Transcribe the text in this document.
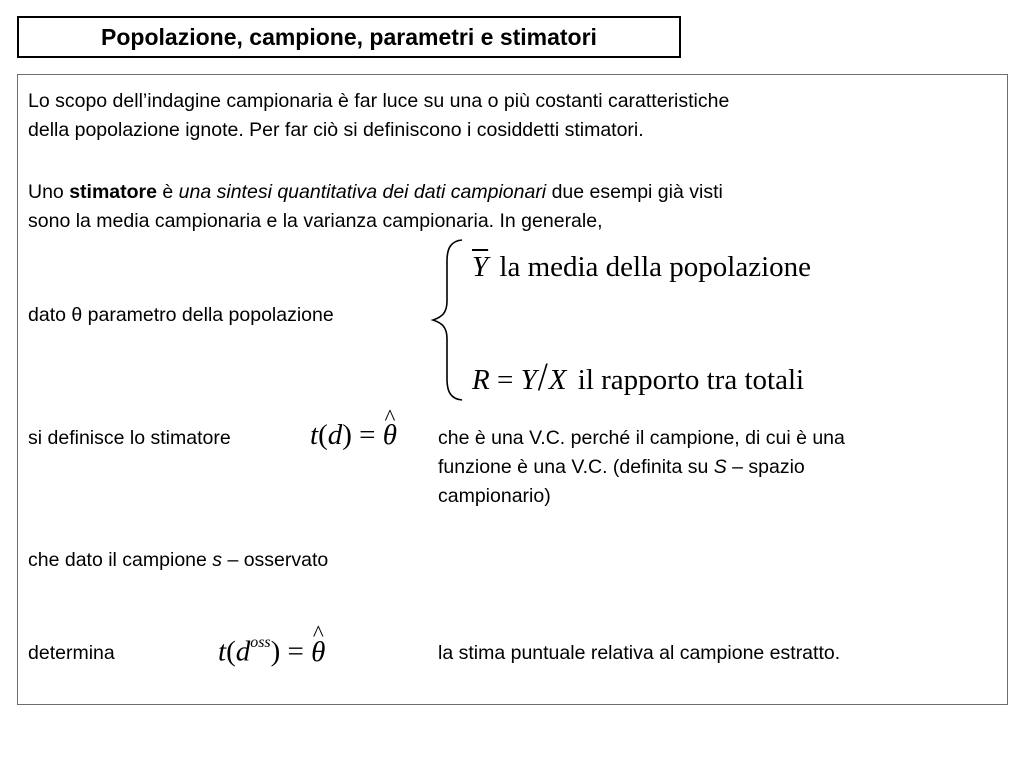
Popolazione, campione, parametri e stimatori
Lo scopo dell’indagine campionaria è far luce su una o più costanti caratteristiche
della popolazione ignote. Per far ciò si definiscono i cosiddetti stimatori.
Uno stimatore è una sintesi quantitativa dei dati campionari due esempi già visti
sono la media campionaria e la varianza campionaria. In generale,
dato θ parametro della popolazione
$\overline{Y}$ la media della popolazione
R = Y/X il rapporto tra totali
si definisce lo stimatore	t(d) = ^ θ che è una V.C. perché il campione, di cui è una
funzione è una V.C. (definita su S – spazio
campionario)
che dato il campione s – osservato
determina	$t(d^{oss})$ = ^ θ	la stima puntuale relativa al campione estratto.
